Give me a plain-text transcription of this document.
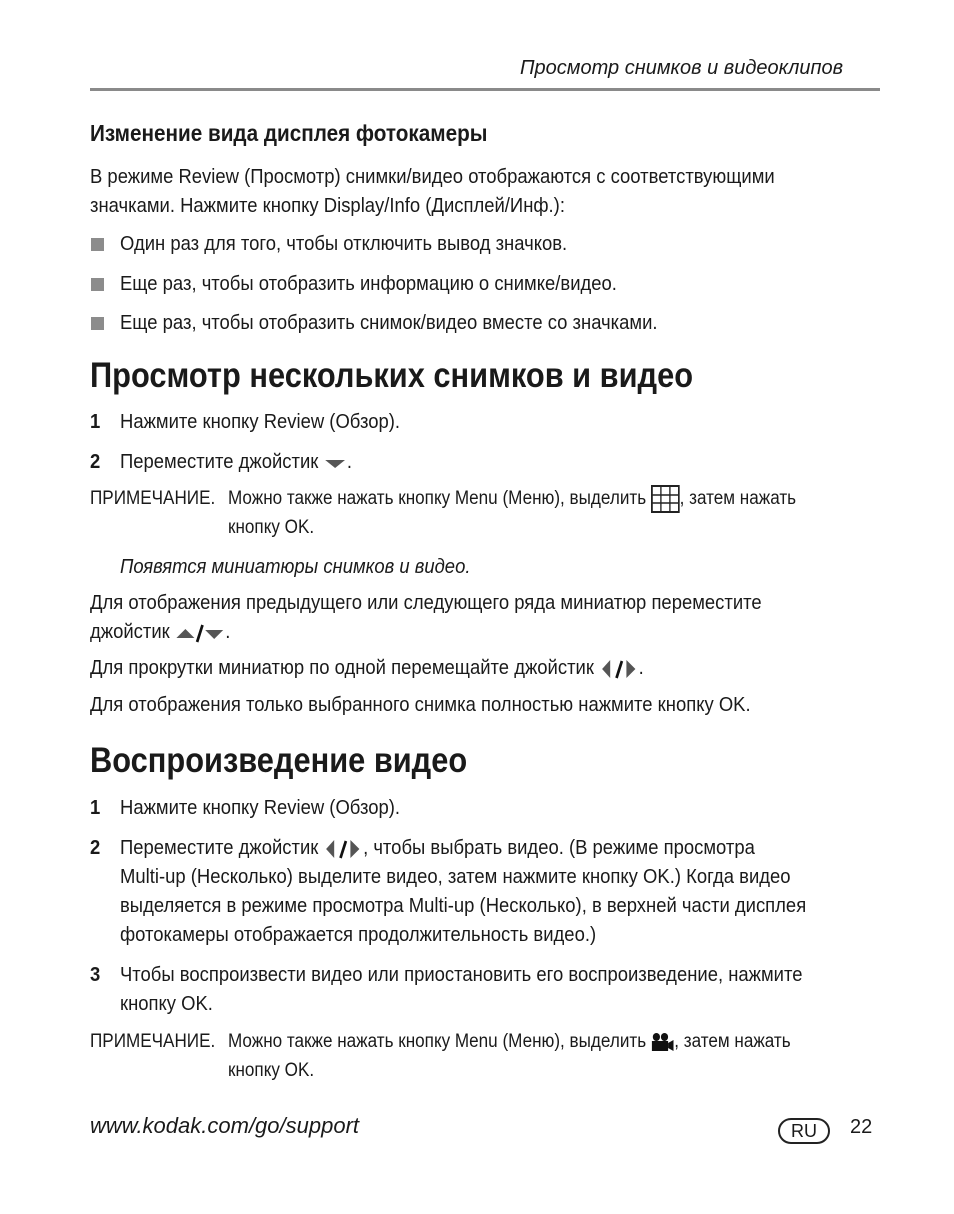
Просмотр снимков и видеоклипов
Изменение вида дисплея фотокамеры
В режиме Review (Просмотр) снимки/видео отображаются с соответствующими
значками. Нажмите кнопку Display/Info (Дисплей/Инф.):
Один раз для того, чтобы отключить вывод значков.
Еще раз, чтобы отобразить информацию о снимке/видео.
Еще раз, чтобы отобразить снимок/видео вместе со значками.
Просмотр нескольких снимков и видео
1 Нажмите кнопку Review (Обзор).
2 Переместите джойстик .
ПРИМЕЧАНИЕ. Можно также нажать кнопку Menu (Меню), выделить , затем нажать
кнопку OK.
Появятся миниатюры снимков и видео.
Для отображения предыдущего или следующего ряда миниатюр переместите
джойстик	.
Для прокрутки миниатюр по одной перемещайте джойстик .
Для отображения только выбранного снимка полностью нажмите кнопку OK.
Воспроизведение видео
1 Нажмите кнопку Review (Обзор).
2 Переместите джойстик , чтобы выбрать видео. (В режиме просмотра
Multi-up (Несколько) выделите видео, затем нажмите кнопку OK.) Когда видео
выделяется в режиме просмотра Multi-up (Несколько), в верхней части дисплея
фотокамеры отображается продолжительность видео.)
3 Чтобы воспроизвести видео или приостановить его воспроизведение, нажмите
кнопку OK.
ПРИМЕЧАНИЕ. Можно также нажать кнопку Menu (Меню), выделить , затем нажать
кнопку OK.
www.kodak.com/go/support	RU	22
